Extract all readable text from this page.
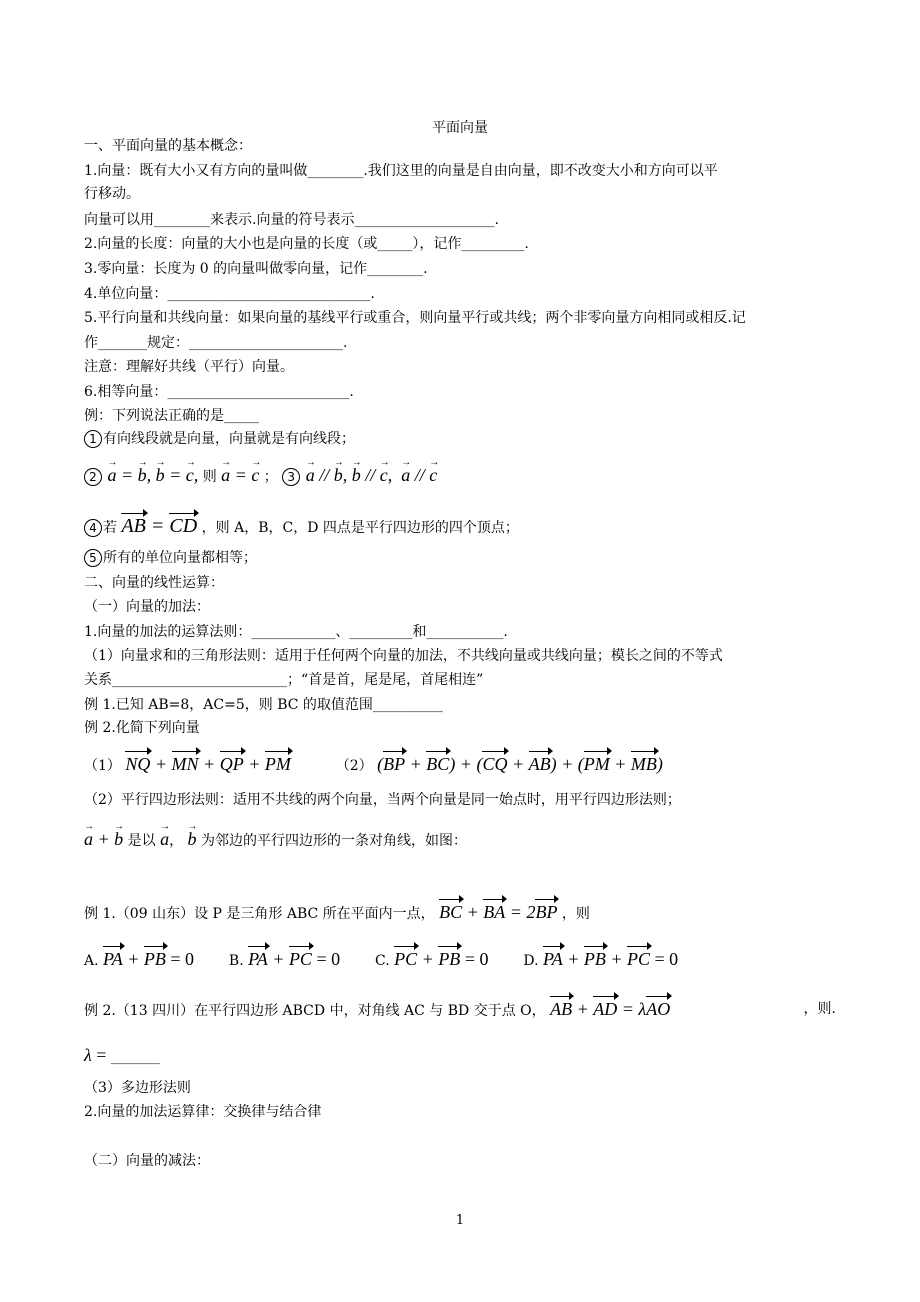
平面向量
一、平面向量的基本概念：
1.向量：既有大小又有方向的量叫做________.我们这里的向量是自由向量，即不改变大小和方向可以平
行移动。
向量可以用________来表示.向量的符号表示____________________.
2.向量的长度：向量的大小也是向量的长度（或_____），记作_________.
3.零向量：长度为 0 的向量叫做零向量，记作________.
4.单位向量：_____________________________.
5.平行向量和共线向量：如果向量的基线平行或重合，则向量平行或共线；两个非零向量方向相同或相反.记
作_______规定：______________________.
注意：理解好共线（平行）向量。
6.相等向量：__________________________.
例：下列说法正确的是_____
1 有向线段就是向量，向量就是有向线段；
2 a → = b →, b → = c →, 则 a → = c → ； 3 a → // b →, b → // c →,  a → // c →
4 若 AB = CD ，则 A，B，C，D 四点是平行四边形的四个顶点；
5 所有的单位向量都相等；
二、向量的线性运算：
（一）向量的加法：
1.向量的加法的运算法则：____________、_________和___________.
（1）向量求和的三角形法则：适用于任何两个向量的加法，不共线向量或共线向量；模长之间的不等式
关系_________________________；“首是首，尾是尾，首尾相连”
例 1.已知 AB=8，AC=5，则 BC 的取值范围__________
例 2.化简下列向量
（1） NQ + MN + QP + PM	（2） (BP + BC) + (CQ + AB) + (PM + MB)
（2）平行四边形法则：适用不共线的两个向量，当两个向量是同一始点时，用平行四边形法则；
a → + b → 是以 a →， b → 为邻边的平行四边形的一条对角线，如图：
例 1.（09 山东）设 P 是三角形 ABC 所在平面内一点， BC + BA = 2BP ，则
A. PA + PB = 0 B. PA + PC = 0 C. PC + PB = 0 D. PA + PB + PC = 0
例 2.（13 四川）在平行四边形 ABCD 中，对角线 AC 与 BD 交于点 O， AB + AD = λAO	，则.
λ = _______
（3）多边形法则
2.向量的加法运算律：交换律与结合律
（二）向量的减法：
1
